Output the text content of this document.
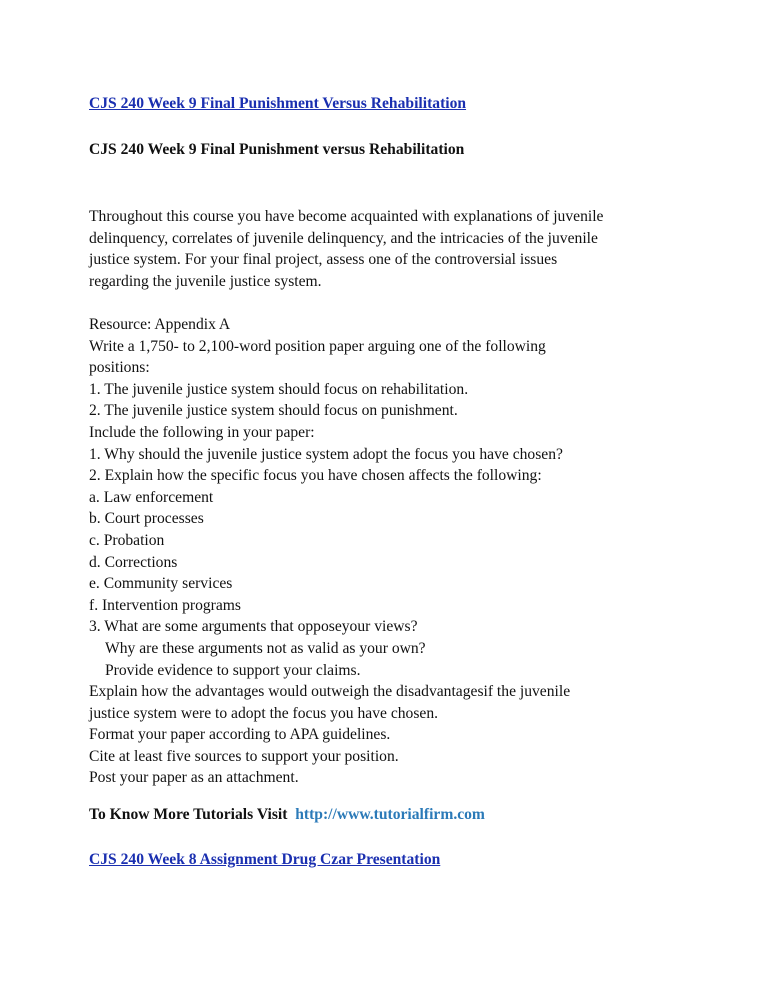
CJS 240 Week 9 Final Punishment Versus Rehabilitation
CJS 240 Week 9 Final Punishment versus Rehabilitation
Throughout this course you have become acquainted with explanations of juvenile
delinquency, correlates of juvenile delinquency, and the intricacies of the juvenile
justice system. For your final project, assess one of the controversial issues
regarding the juvenile justice system.
Resource: Appendix A
Write a 1,750- to 2,100-word position paper arguing one of the following
positions:
1. The juvenile justice system should focus on rehabilitation.
2. The juvenile justice system should focus on punishment.
Include the following in your paper:
1. Why should the juvenile justice system adopt the focus you have chosen?
2. Explain how the specific focus you have chosen affects the following:
a. Law enforcement
b. Court processes
c. Probation
d. Corrections
e. Community services
f. Intervention programs
3. What are some arguments that opposeyour views?
Why are these arguments not as valid as your own?
Provide evidence to support your claims.
Explain how the advantages would outweigh the disadvantagesif the juvenile
justice system were to adopt the focus you have chosen.
Format your paper according to APA guidelines.
Cite at least five sources to support your position.
Post your paper as an attachment.
To Know More Tutorials Visit http://www.tutorialfirm.com
CJS 240 Week 8 Assignment Drug Czar Presentation
